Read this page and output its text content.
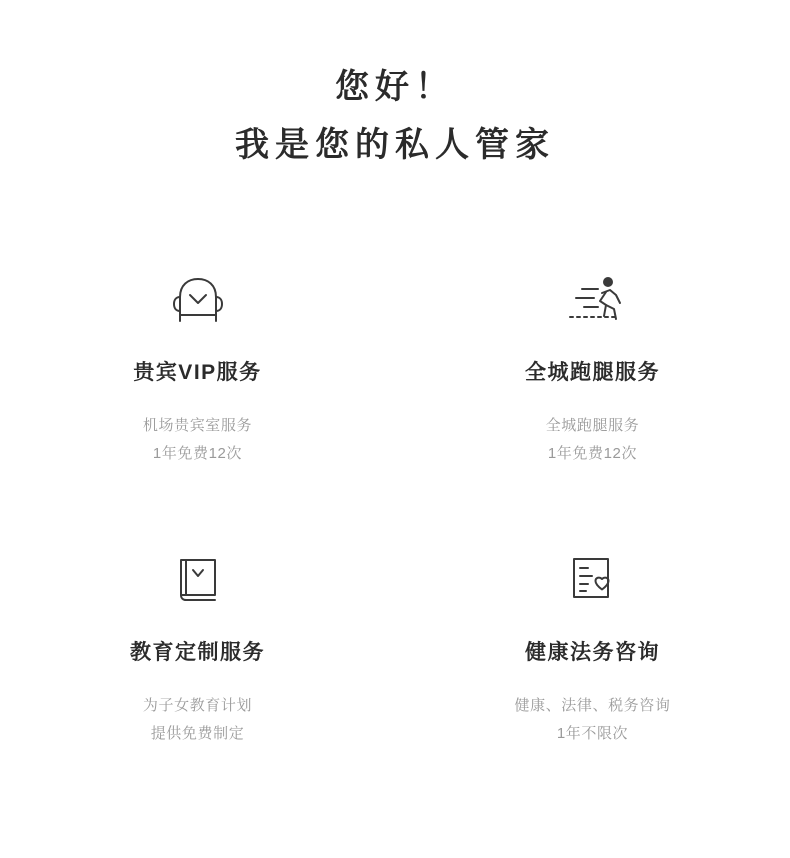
您好！
我是您的私人管家
贵宾VIP服务
机场贵宾室服务
1年免费12次
全城跑腿服务
全城跑腿服务
1年免费12次
教育定制服务
为子女教育计划
提供免费制定
健康法务咨询
健康、法律、税务咨询
1年不限次
